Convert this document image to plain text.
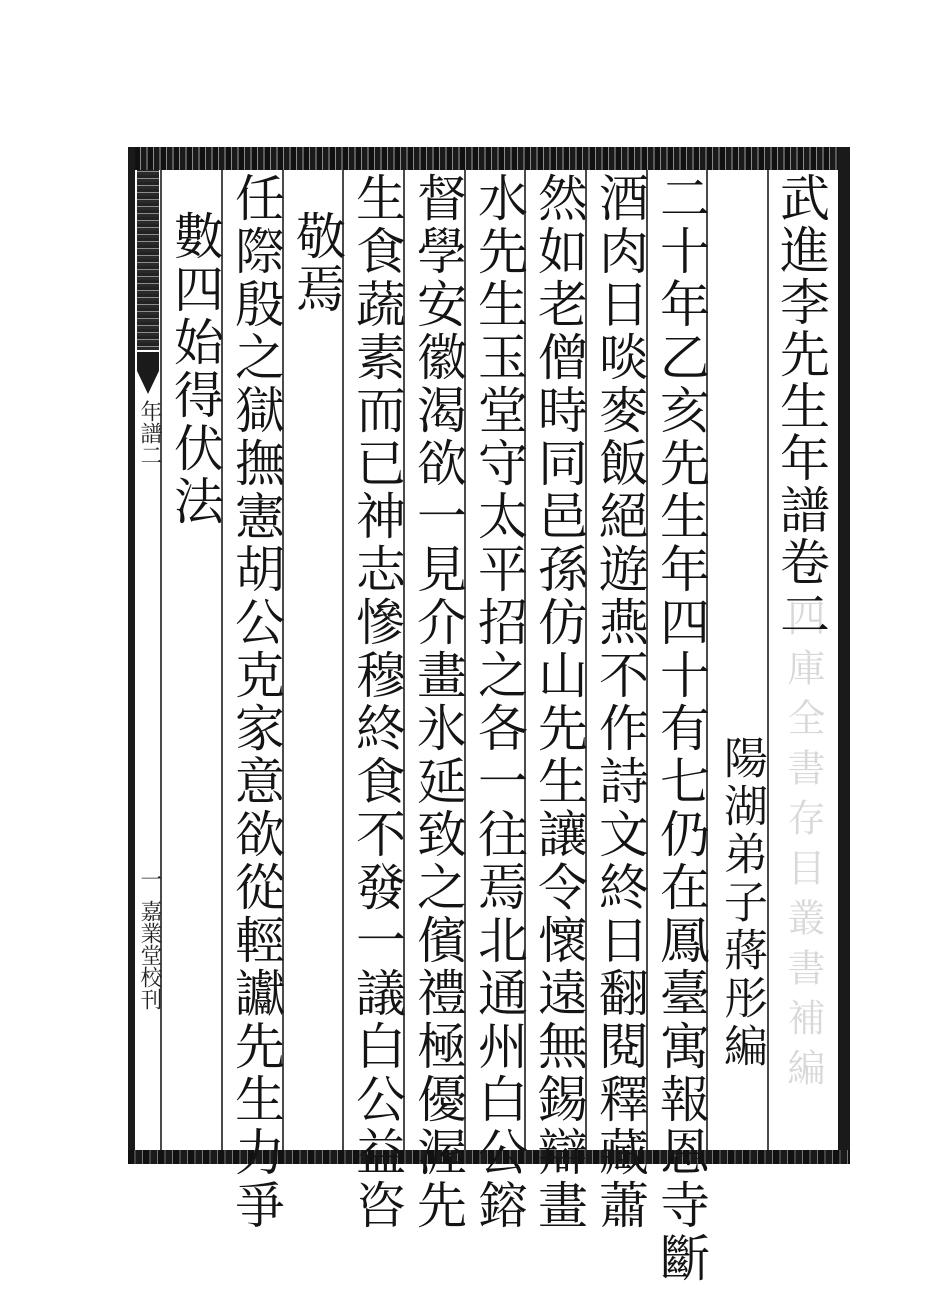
四庫全書存目叢書補編
年譜二
一
嘉業堂校刊
武進李先生年譜卷二
陽湖弟子蔣彤編
二十年乙亥先生年四十有七仍在鳳臺寓報恩寺斷
酒肉日啖麥飯絕遊燕不作詩文終日翻閱釋藏蕭
然如老僧時同邑孫仿山先生讓令懷遠無錫辯畫
水先生玉堂守太平招之各一往焉北通州白公鎔
督學安徽渴欲一見介畫氷延致之儐禮極優渥先
生食蔬素而已神志慘穆終食不發一議白公益咨
敬焉
任際殷之獄撫憲胡公克家意欲從輕讞先生力爭
數四始得伏法
